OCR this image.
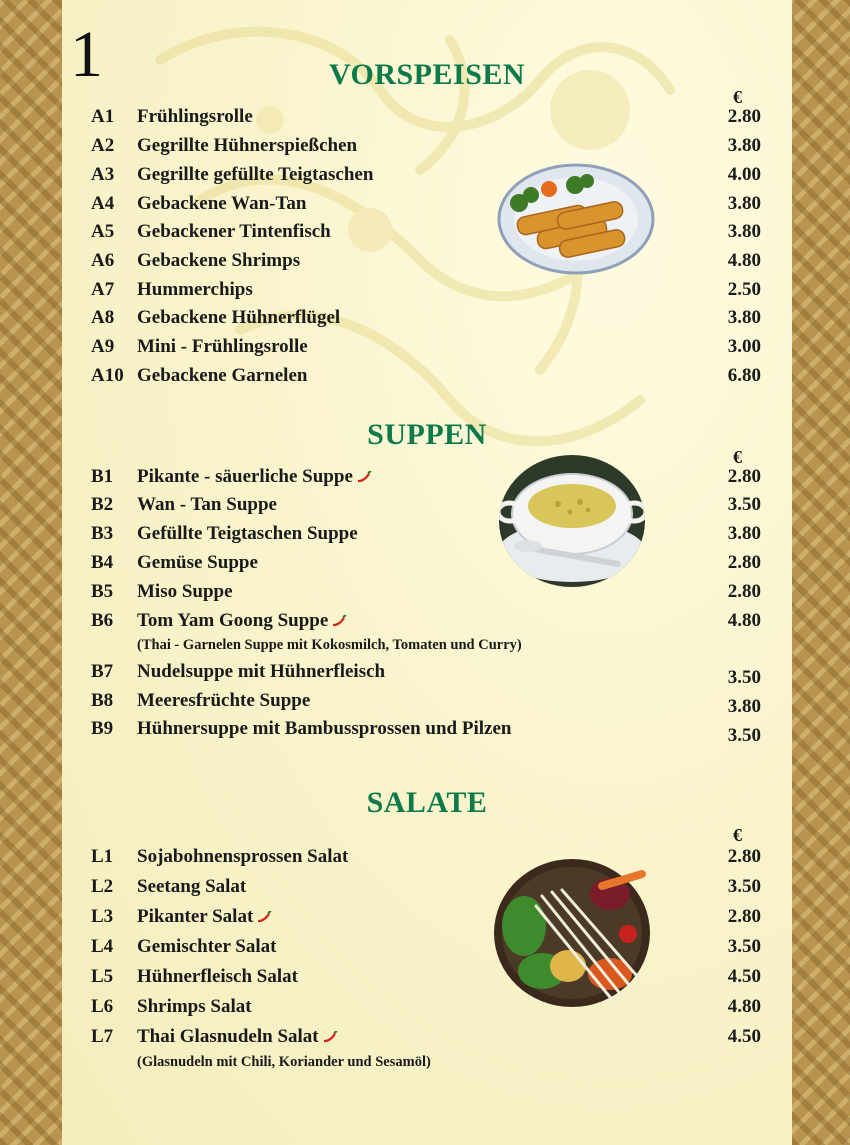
1	VORSPEISEN
€
SUPPEN
€
SALATE
€
A1 Frühlingsrolle	2.80
A2 Gegrillte Hühnerspießchen	3.80
A3 Gegrillte gefüllte Teigtaschen	4.00
A4 Gebackene Wan-Tan	3.80
A5 Gebackener Tintenfisch	3.80
A6 Gebackene Shrimps	4.80
A7 Hummerchips	2.50
A8 Gebackene Hühnerflügel	3.80
A9 Mini - Frühlingsrolle	3.00
A10 Gebackene Garnelen	6.80
B1 Pikante - säuerliche Suppe	2.80
B2 Wan - Tan Suppe	3.50
B3 Gefüllte Teigtaschen Suppe	3.80
B4 Gemüse Suppe	2.80
B5 Miso Suppe	2.80
B6 Tom Yam Goong Suppe	4.80
(Thai - Garnelen Suppe mit Kokosmilch, Tomaten und Curry)
B7 Nudelsuppe mit Hühnerfleisch	3.50
B8 Meeresfrüchte Suppe	3.80
B9 Hühnersuppe mit Bambussprossen und Pilzen	3.50
L1 Sojabohnensprossen Salat	2.80
L2 Seetang Salat	3.50
L3 Pikanter Salat	2.80
L4 Gemischter Salat	3.50
L5 Hühnerfleisch Salat	4.50
L6 Shrimps Salat	4.80
L7 Thai Glasnudeln Salat	4.50
(Glasnudeln mit Chili, Koriander und Sesamöl)
